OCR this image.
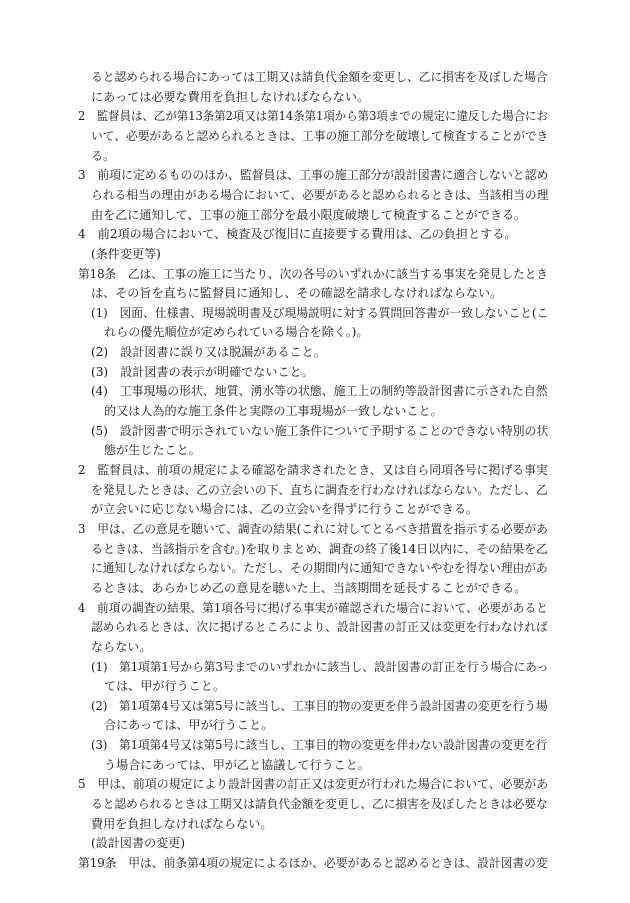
ると認められる場合にあっては工期又は請負代金額を変更し、乙に損害を及ぼした場合
にあっては必要な費用を負担しなければならない。
2　監督員は、乙が第13条第2項又は第14条第1項から第3項までの規定に違反した場合にお
いて、必要があると認められるときは、工事の施工部分を破壊して検査することができ
る。
3　前項に定めるもののほか、監督員は、工事の施工部分が設計図書に適合しないと認め
られる相当の理由がある場合において、必要があると認められるときは、当該相当の理
由を乙に通知して、工事の施工部分を最小限度破壊して検査することができる。
4　前2項の場合において、検査及び復旧に直接要する費用は、乙の負担とする。
(条件変更等)
第18条　乙は、工事の施工に当たり、次の各号のいずれかに該当する事実を発見したとき
は、その旨を直ちに監督員に通知し、その確認を請求しなければならない。
(1)　図面、仕様書、現場説明書及び現場説明に対する質問回答書が一致しないこと(こ
れらの優先順位が定められている場合を除く。)。
(2)　設計図書に誤り又は脱漏があること。
(3)　設計図書の表示が明確でないこと。
(4)　工事現場の形状、地質、湧水等の状態、施工上の制約等設計図書に示された自然
的又は人為的な施工条件と実際の工事現場が一致しないこと。
(5)　設計図書で明示されていない施工条件について予期することのできない特別の状
態が生じたこと。
2　監督員は、前項の規定による確認を請求されたとき、又は自ら同項各号に掲げる事実
を発見したときは、乙の立会いの下、直ちに調査を行わなければならない。ただし、乙
が立会いに応じない場合には、乙の立会いを得ずに行うことができる。
3　甲は、乙の意見を聴いて、調査の結果(これに対してとるべき措置を指示する必要があ
るときは、当該指示を含む。)を取りまとめ、調査の終了後14日以内に、その結果を乙
に通知しなければならない。ただし、その期間内に通知できないやむを得ない理由があ
るときは、あらかじめ乙の意見を聴いた上、当該期間を延長することができる。
4　前項の調査の結果、第1項各号に掲げる事実が確認された場合において、必要があると
認められるときは、次に掲げるところにより、設計図書の訂正又は変更を行わなければ
ならない。
(1)　第1項第1号から第3号までのいずれかに該当し、設計図書の訂正を行う場合にあっ
ては、甲が行うこと。
(2)　第1項第4号又は第5号に該当し、工事目的物の変更を伴う設計図書の変更を行う場
合にあっては、甲が行うこと。
(3)　第1項第4号又は第5号に該当し、工事目的物の変更を伴わない設計図書の変更を行
う場合にあっては、甲が乙と協議して行うこと。
5　甲は、前項の規定により設計図書の訂正又は変更が行われた場合において、必要があ
ると認められるときは工期又は請負代金額を変更し、乙に損害を及ぼしたときは必要な
費用を負担しなければならない。
(設計図書の変更)
第19条　甲は、前条第4項の規定によるほか、必要があると認めるときは、設計図書の変
